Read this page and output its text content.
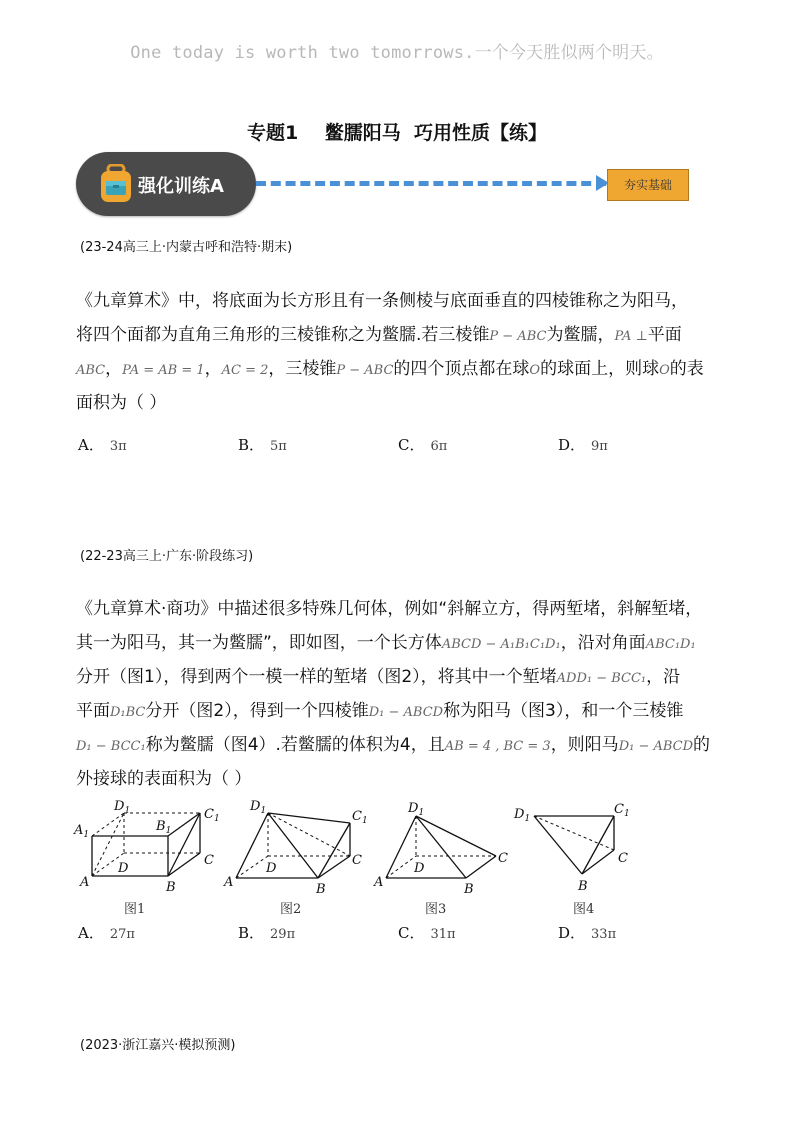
One today is worth two tomorrows.一个今天胜似两个明天。
专题1    鳖臑阳马  巧用性质【练】
强化训练A	夯实基础
(23-24高三上·内蒙古呼和浩特·期末)
《九章算术》中，将底面为长方形且有一条侧棱与底面垂直的四棱锥称之为阳马，
将四个面都为直角三角形的三棱锥称之为鳖臑.若三棱锥P − ABC为鳖臑，PA ⊥平面
ABC，PA = AB = 1，AC = 2，三棱锥P − ABC的四个顶点都在球O的球面上，则球O的表
面积为（ ）
A． 3π	B． 5π	C． 6π	D． 9π
(22-23高三上·广东·阶段练习)
《九章算术·商功》中描述很多特殊几何体，例如“斜解立方，得两堑堵，斜解堑堵，
其一为阳马，其一为鳖臑”，即如图，一个长方体ABCD − A₁B₁C₁D₁，沿对角面ABC₁D₁
分开（图1），得到两个一模一样的堑堵（图2），将其中一个堑堵ADD₁ − BCC₁，沿
平面D₁BC分开（图2），得到一个四棱锥D₁ − ABCD称为阳马（图3），和一个三棱锥
D₁ − BCC₁称为鳖臑（图4）.若鳖臑的体积为4，且AB = 4 , BC = 3，则阳马D₁ − ABCD的
外接球的表面积为（ ）
$D_1$
$A_1$
$B_1$
$C_1$
D
A	B
C
$D_1$	$C_1$
D
A	B
C
$D_1$
D
A	B
C
$D_1$
$C_1$
B
C
图1	图2	图3	图4
A． 27π	B． 29π	C． 31π	D． 33π
(2023·浙江嘉兴·模拟预测)
